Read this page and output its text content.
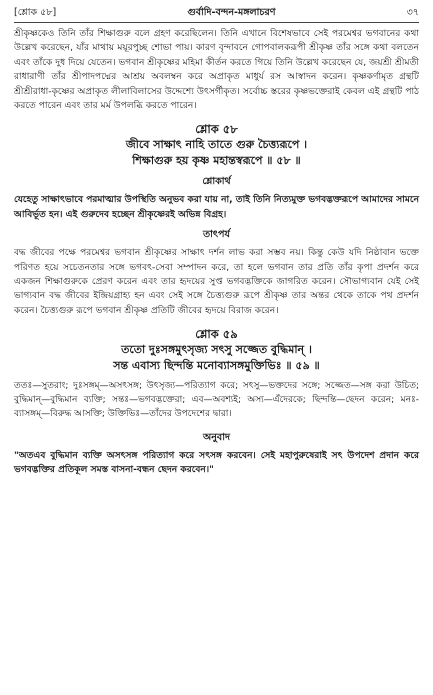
[শ্লোক ৫৮]	গুর্বাদি-বন্দন-মঙ্গলাচরণ	৩৭

শ্রীকৃষ্ণকেও তিনি তাঁর শিক্ষাগুরু বলে গ্রহণ করেছিলেন। তিনি এখানে বিশেষভাবে সেই পরমেশ্বর ভগবানের কথা উল্লেখ করেছেন, যাঁর মাথায় ময়ূরপুচ্ছ শোভা পায়। কারণ বৃন্দাবনে গোপবালকরূপী শ্রীকৃষ্ণ তাঁর সঙ্গে কথা বলতেন এবং তাঁকে দুধ দিয়ে যেতেন। ভগবান শ্রীকৃষ্ণের মহিমা কীর্তন করতে গিয়ে তিনি উল্লেখ করেছেন যে, জয়শ্রী শ্রীমতী রাধারাণী তাঁর শ্রীপাদপদ্মের আশ্রয় অবলম্বন করে অপ্রাকৃত মাধুর্য রস আস্বাদন করেন। কৃষ্ণকর্ণামৃত গ্রন্থটি শ্রীশ্রীরাধা-কৃষ্ণের অপ্রাকৃত লীলাবিলাসের উদ্দেশ্যে উৎসর্গীকৃত। সর্বোচ্চ স্তরের কৃষ্ণভক্তেরাই কেবল এই গ্রন্থটি পাঠ করতে পারেন এবং তার মর্ম উপলব্ধি করতে পারেন।

শ্লোক ৫৮
জীবে সাক্ষাৎ নাহি তাতে গুরু চৈত্ত্যরূপে ।
শিক্ষাগুরু হয় কৃষ্ণ মহান্তস্বরূপে ॥ ৫৮ ॥
শ্লোকার্থ

যেহেতু সাক্ষাৎভাবে পরমাত্মার উপস্থিতি অনুভব করা যায় না, তাই তিনি নিত্যমুক্ত ভগবদ্ভক্তরূপে আমাদের সামনে আবির্ভূত হন। এই গুরুদেব হচ্ছেন শ্রীকৃষ্ণেরই অভিন্ন বিগ্রহ।

তাৎপর্য

বদ্ধ জীবের পক্ষে পরমেশ্বর ভগবান শ্রীকৃষ্ণের সাক্ষাৎ দর্শন লাভ করা সম্ভব নয়। কিন্তু কেউ যদি নিষ্ঠাবান ভক্তে পরিণত হয়ে সচেতনতার সঙ্গে ভগবৎ-সেবা সম্পাদন করে, তা হলে ভগবান তার প্রতি তাঁর কৃপা প্রদর্শন করে একজন শিক্ষাগুরুকে প্রেরণ করেন এবং তার হৃদয়ের সুপ্ত ভগবদ্ভক্তিকে জাগরিত করেন। সৌভাগ্যবান যেই সেই ভাগ্যবান বদ্ধ জীবের ইন্দ্রিয়গ্রাহ্য হন এবং সেই সঙ্গে চৈত্ত্যগুরু রূপে শ্রীকৃষ্ণ তার অন্তর থেকে তাকে পথ প্রদর্শন করেন। চৈত্ত্যগুরু রূপে ভগবান শ্রীকৃষ্ণ প্রতিটি জীবের হৃদয়ে বিরাজ করেন।

শ্লোক ৫৯
ততো দুঃসঙ্গমুৎসৃজ্য সৎসু সজ্জেত বুদ্ধিমান্ ।
সন্ত এবাস্য ছিন্দন্তি মনোব্যাসঙ্গমুক্তিভিঃ ॥ ৫৯ ॥

ততঃ—সুতরাং; দুঃসঙ্গম্—অসৎসঙ্গ; উৎসৃজ্য—পরিত্যাগ করে; সৎসু—ভক্তদের সঙ্গে; সজ্জেত—সঙ্গ করা উচিত; বুদ্ধিমান্—বুদ্ধিমান ব্যক্তি; সন্তঃ—ভগবদ্ভক্তেরা; এব—অবশ্যই; অস্য—এঁদেরকে; ছিন্দন্তি—ছেদন করেন; মনঃ-ব্যাসঙ্গম্—বিরুদ্ধ আসক্তি; উক্তিভিঃ—তাঁদের উপদেশের দ্বারা।

অনুবাদ

"অতএব বুদ্ধিমান ব্যক্তি অসৎসঙ্গ পরিত্যাগ করে সৎসঙ্গ করবেন। সেই মহাপুরুষেরাই সৎ উপদেশ প্রদান করে ভগবদ্ভক্তির প্রতিকূল সমস্ত বাসনা-বন্ধন ছেদন করবেন।"
